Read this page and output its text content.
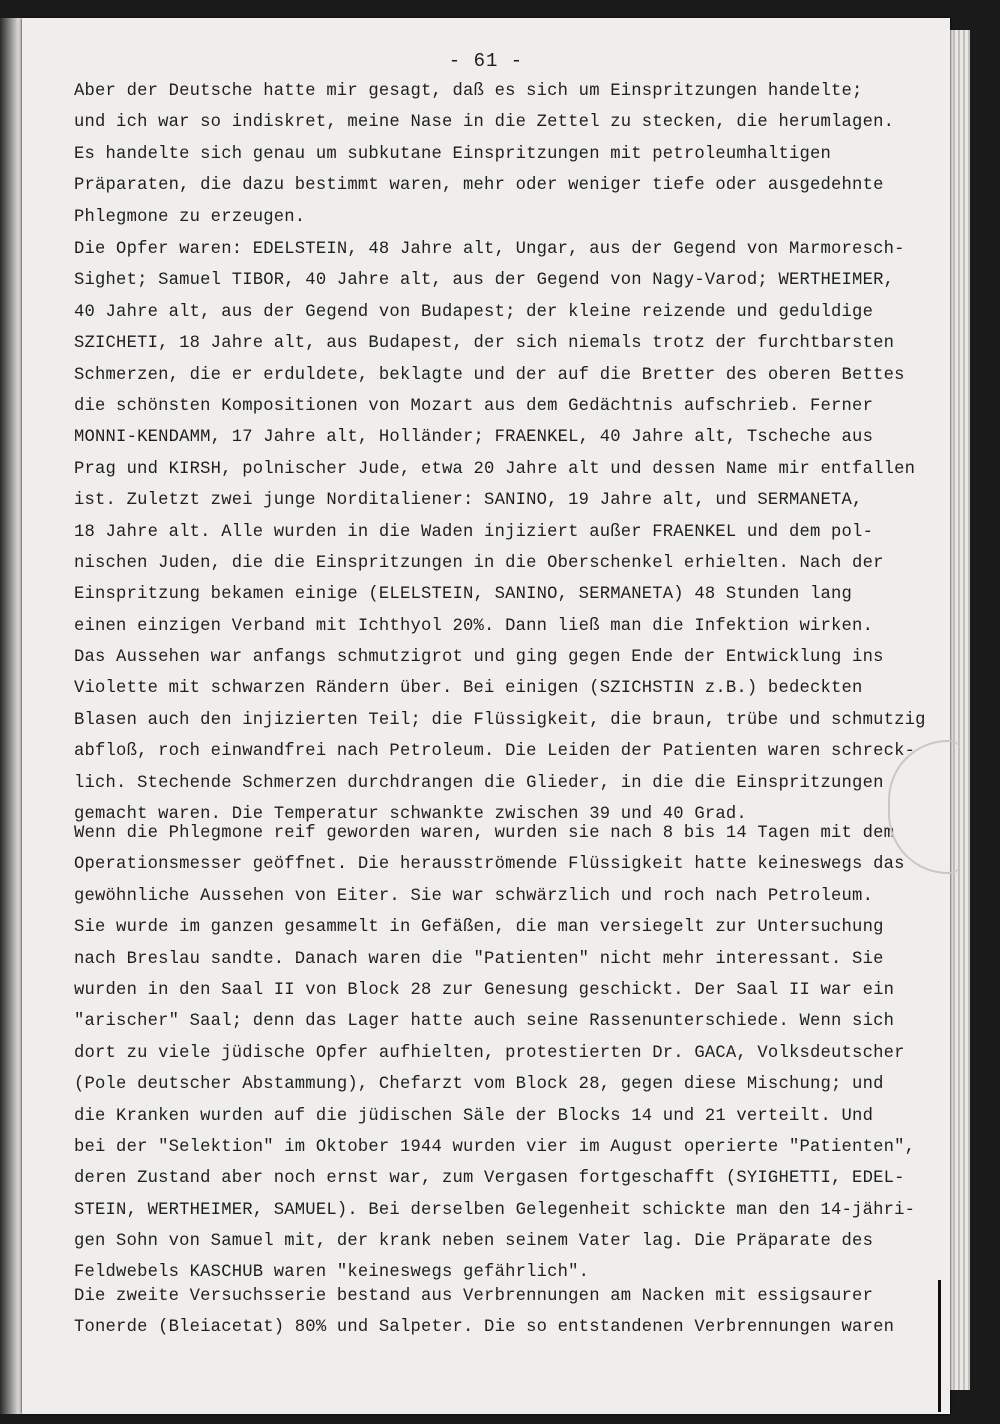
- 61 -
Aber der Deutsche hatte mir gesagt, daß es sich um Einspritzungen handelte;
und ich war so indiskret, meine Nase in die Zettel zu stecken, die herumlagen.
Es handelte sich genau um subkutane Einspritzungen mit petroleumhaltigen
Präparaten, die dazu bestimmt waren, mehr oder weniger tiefe oder ausgedehnte
Phlegmone zu erzeugen.
Die Opfer waren: EDELSTEIN, 48 Jahre alt, Ungar, aus der Gegend von Marmoresch-
Sighet; Samuel TIBOR, 40 Jahre alt, aus der Gegend von Nagy-Varod; WERTHEIMER,
40 Jahre alt, aus der Gegend von Budapest; der kleine reizende und geduldige
SZICHETI, 18 Jahre alt, aus Budapest, der sich niemals trotz der furchtbarsten
Schmerzen, die er erduldete, beklagte und der auf die Bretter des oberen Bettes
die schönsten Kompositionen von Mozart aus dem Gedächtnis aufschrieb. Ferner
MONNI-KENDAMM, 17 Jahre alt, Holländer; FRAENKEL, 40 Jahre alt, Tscheche aus
Prag und KIRSH, polnischer Jude, etwa 20 Jahre alt und dessen Name mir entfallen
ist. Zuletzt zwei junge Norditaliener: SANINO, 19 Jahre alt, und SERMANETA,
18 Jahre alt. Alle wurden in die Waden injiziert außer FRAENKEL und dem pol-
nischen Juden, die die Einspritzungen in die Oberschenkel erhielten. Nach der
Einspritzung bekamen einige (ELELSTEIN, SANINO, SERMANETA) 48 Stunden lang
einen einzigen Verband mit Ichthyol 20%. Dann ließ man die Infektion wirken.
Das Aussehen war anfangs schmutzigrot und ging gegen Ende der Entwicklung ins
Violette mit schwarzen Rändern über. Bei einigen (SZICHSTIN z.B.) bedeckten
Blasen auch den injizierten Teil; die Flüssigkeit, die braun, trübe und schmutzig
abfloß, roch einwandfrei nach Petroleum. Die Leiden der Patienten waren schreck-
lich. Stechende Schmerzen durchdrangen die Glieder, in die die Einspritzungen
gemacht waren. Die Temperatur schwankte zwischen 39 und 40 Grad.
Wenn die Phlegmone reif geworden waren, wurden sie nach 8 bis 14 Tagen mit dem
Operationsmesser geöffnet. Die herausströmende Flüssigkeit hatte keineswegs das
gewöhnliche Aussehen von Eiter. Sie war schwärzlich und roch nach Petroleum.
Sie wurde im ganzen gesammelt in Gefäßen, die man versiegelt zur Untersuchung
nach Breslau sandte. Danach waren die "Patienten" nicht mehr interessant. Sie
wurden in den Saal II von Block 28 zur Genesung geschickt. Der Saal II war ein
"arischer" Saal; denn das Lager hatte auch seine Rassenunterschiede. Wenn sich
dort zu viele jüdische Opfer aufhielten, protestierten Dr. GACA, Volksdeutscher
(Pole deutscher Abstammung), Chefarzt vom Block 28, gegen diese Mischung; und
die Kranken wurden auf die jüdischen Säle der Blocks 14 und 21 verteilt. Und
bei der "Selektion" im Oktober 1944 wurden vier im August operierte "Patienten",
deren Zustand aber noch ernst war, zum Vergasen fortgeschafft (SYIGHETTI, EDEL-
STEIN, WERTHEIMER, SAMUEL). Bei derselben Gelegenheit schickte man den 14-jähri-
gen Sohn von Samuel mit, der krank neben seinem Vater lag. Die Präparate des
Feldwebels KASCHUB waren "keineswegs gefährlich".
Die zweite Versuchsserie bestand aus Verbrennungen am Nacken mit essigsaurer
Tonerde (Bleiacetat) 80% und Salpeter. Die so entstandenen Verbrennungen waren
